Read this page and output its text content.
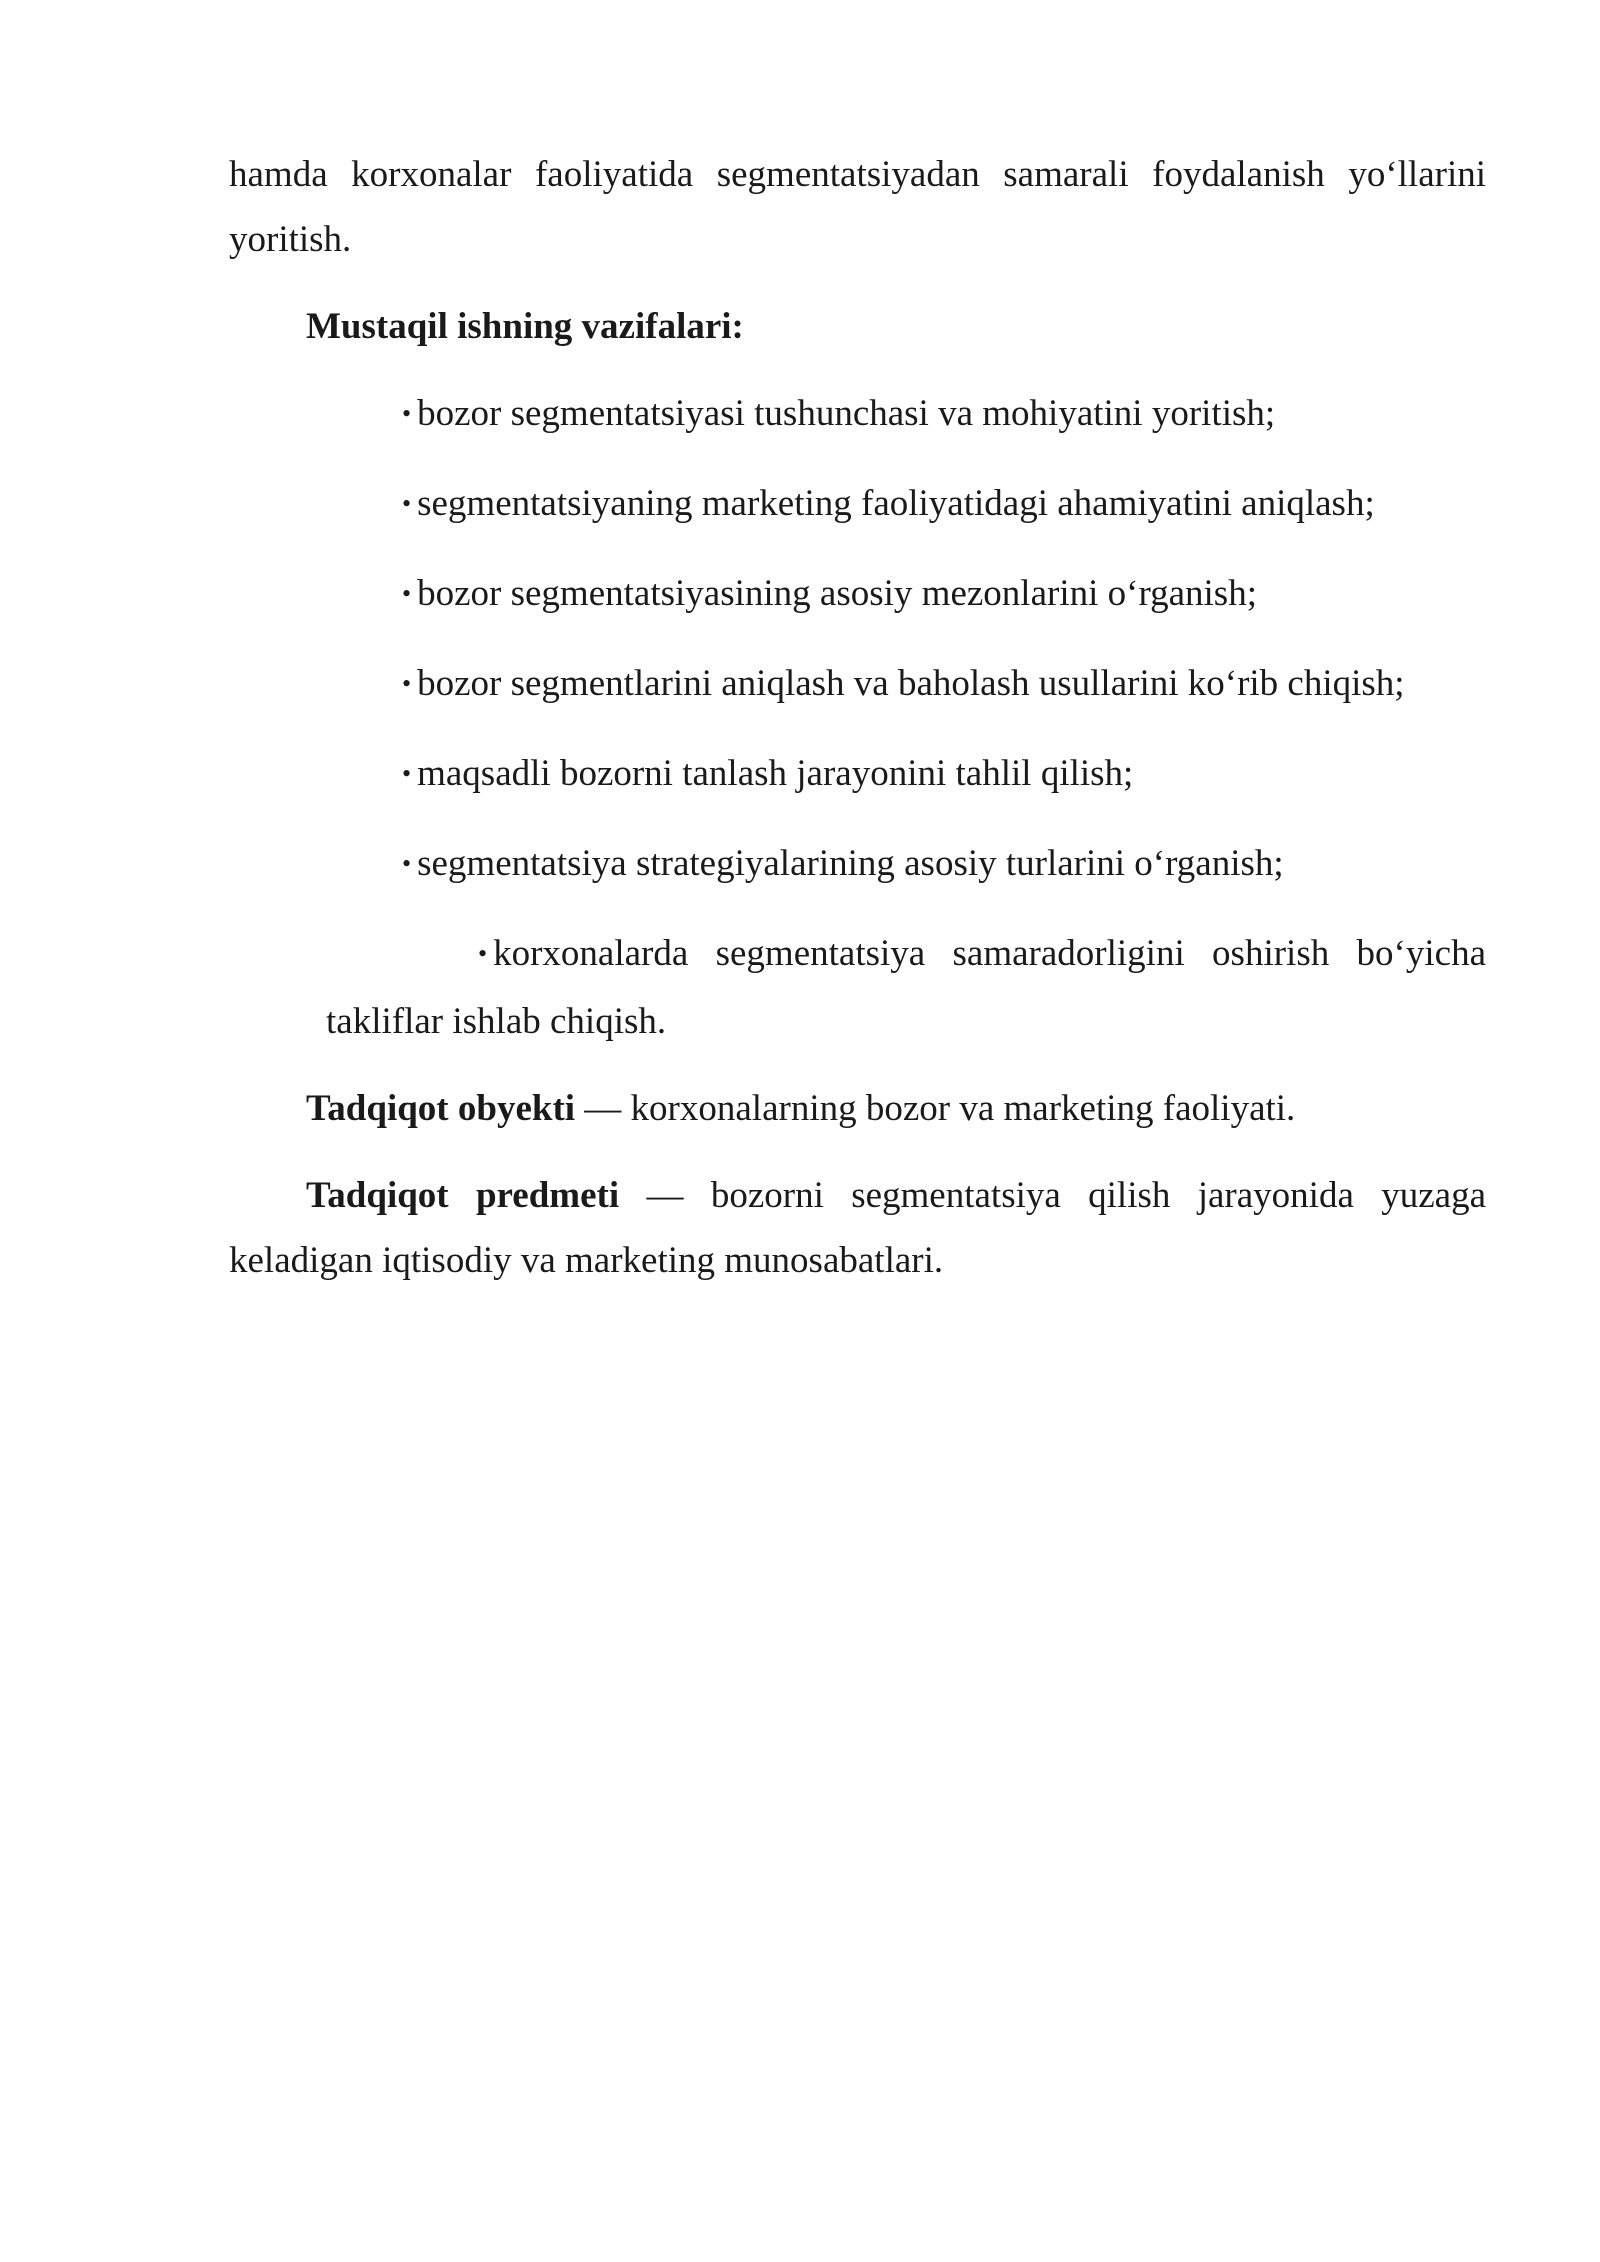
hamda korxonalar faoliyatida segmentatsiyadan samarali foydalanish yo‘llarini yoritish.

Mustaqil ishning vazifalari:

• bozor segmentatsiyasi tushunchasi va mohiyatini yoritish;
• segmentatsiyaning marketing faoliyatidagi ahamiyatini aniqlash;
• bozor segmentatsiyasining asosiy mezonlarini o‘rganish;
• bozor segmentlarini aniqlash va baholash usullarini ko‘rib chiqish;
• maqsadli bozorni tanlash jarayonini tahlil qilish;
• segmentatsiya strategiyalarining asosiy turlarini o‘rganish;
• korxonalarda segmentatsiya samaradorligini oshirish bo‘yicha takliflar ishlab chiqish.

Tadqiqot obyekti — korxonalarning bozor va marketing faoliyati.

Tadqiqot predmeti — bozorni segmentatsiya qilish jarayonida yuzaga keladigan iqtisodiy va marketing munosabatlari.
